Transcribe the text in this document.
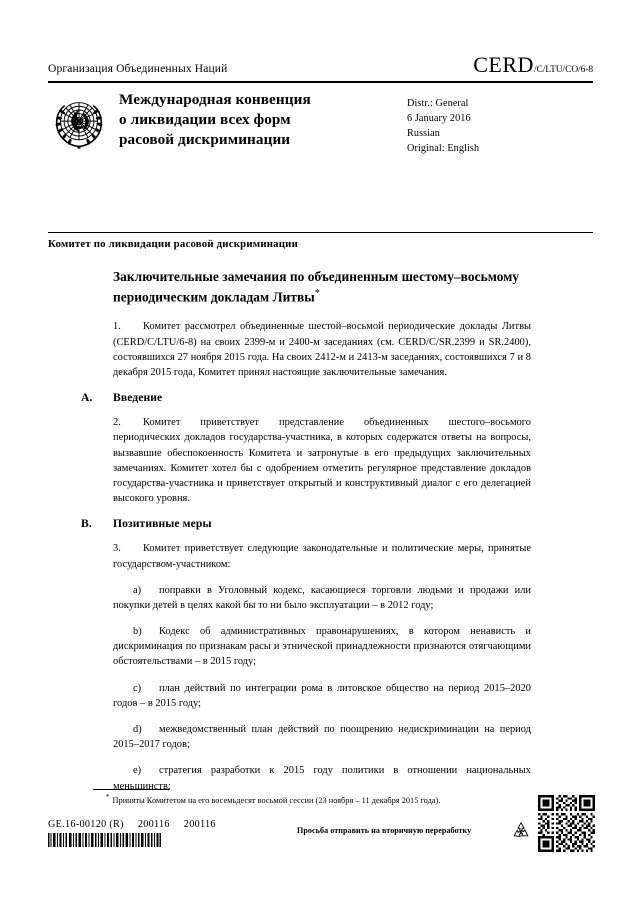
Организация Объединенных Наций	CERD /C/LTU/CO/6-8
Международная конвенция
о ликвидации всех форм
расовой дискриминации
Distr.: General
6 January 2016
Russian
Original: English
Комитет по ликвидации расовой дискриминации
Заключительные замечания по объединенным шестому–восьмому периодическим докладам Литвы*

1. Комитет рассмотрел объединенные шестой–восьмой периодические доклады Литвы (CERD/C/LTU/6-8) на своих 2399-м и 2400-м заседаниях (см. CERD/C/SR.2399 и SR.2400), состоявшихся 27 ноября 2015 года. На своих 2412-м и 2413-м заседаниях, состоявшихся 7 и 8 декабря 2015 года, Комитет принял настоящие заключительные замечания.

A. Введение

2. Комитет приветствует представление объединенных шестого–восьмого периодических докладов государства-участника, в которых содержатся ответы на вопросы, вызвавшие обеспокоенность Комитета и затронутые в его предыдущих заключительных замечаниях. Комитет хотел бы с одобрением отметить регулярное представление докладов государства-участника и приветствует открытый и конструктивный диалог с его делегацией высокого уровня.

B. Позитивные меры

3. Комитет приветствует следующие законодательные и политические меры, принятые государством-участником:

a) поправки в Уголовный кодекс, касающиеся торговли людьми и продажи или покупки детей в целях какой бы то ни было эксплуатации – в 2012 году;

b) Кодекс об административных правонарушениях, в котором ненависть и дискриминация по признакам расы и этнической принадлежности признаются отягчающими обстоятельствами – в 2015 году;

c) план действий по интеграции рома в литовское общество на период 2015–2020 годов – в 2015 году;

d) межведомственный план действий по поощрению недискриминации на период 2015–2017 годов;

e) стратегия разработки к 2015 году политики в отношении национальных меньшинств;

* Приняты Комитетом на его восемьдесят восьмой сессии (23 ноября – 11 декабря 2015 года).
GE.16-00120 (R) 200116 200116
Просьба отправить на вторичную переработку
